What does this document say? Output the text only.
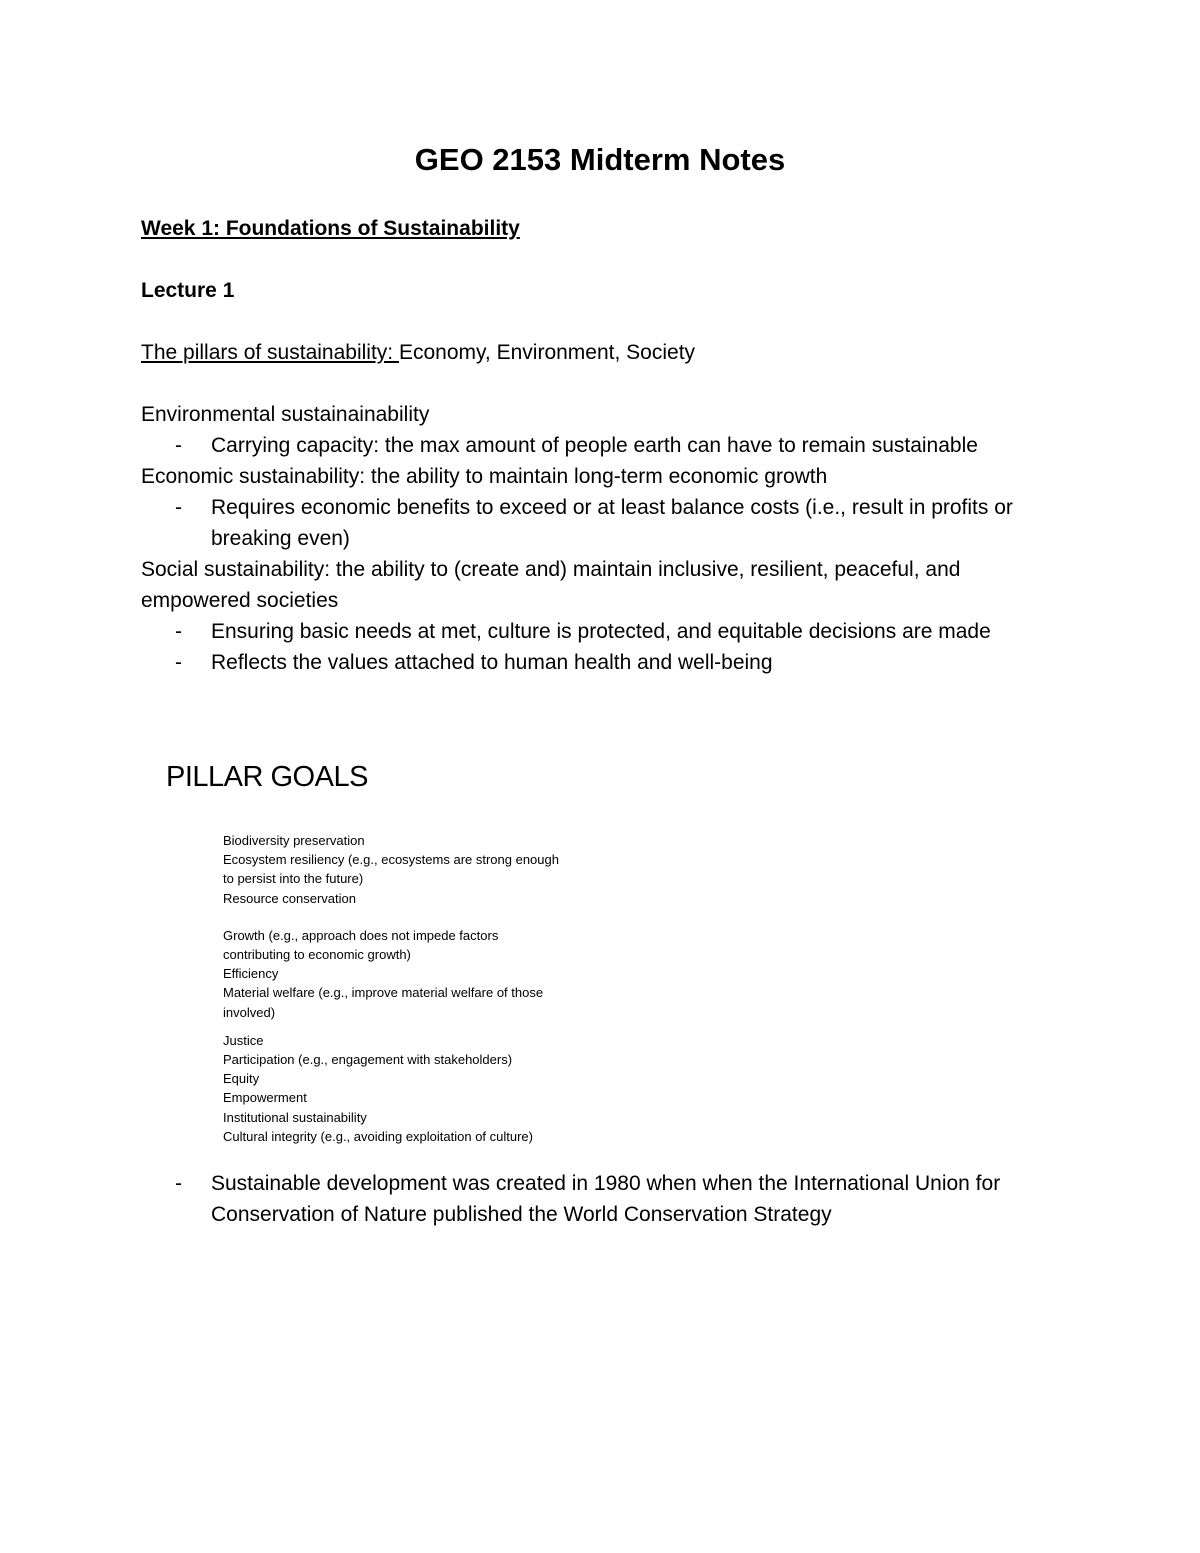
GEO 2153 Midterm Notes
Week 1: Foundations of Sustainability
Lecture 1
The pillars of sustainability: Economy, Environment, Society

Environmental sustainainability

- Carrying capacity: the max amount of people earth can have to remain sustainable

Economic sustainability: the ability to maintain long-term economic growth

- Requires economic benefits to exceed or at least balance costs (i.e., result in profits or breaking even)

Social sustainability: the ability to (create and) maintain inclusive, resilient, peaceful, and empowered societies

- Ensuring basic needs at met, culture is protected, and equitable decisions are made

- Reflects the values attached to human health and well-being

PILLAR GOALS
Biodiversity preservation
Ecosystem resiliency (e.g., ecosystems are strong enough
to persist into the future)
Resource conservation
Growth (e.g., approach does not impede factors
contributing to economic growth)
Efficiency
Material welfare (e.g., improve material welfare of those
involved)
Justice
Participation (e.g., engagement with stakeholders)
Equity
Empowerment
Institutional sustainability
Cultural integrity (e.g., avoiding exploitation of culture)

- Sustainable development was created in 1980 when when the International Union for Conservation of Nature published the World Conservation Strategy
